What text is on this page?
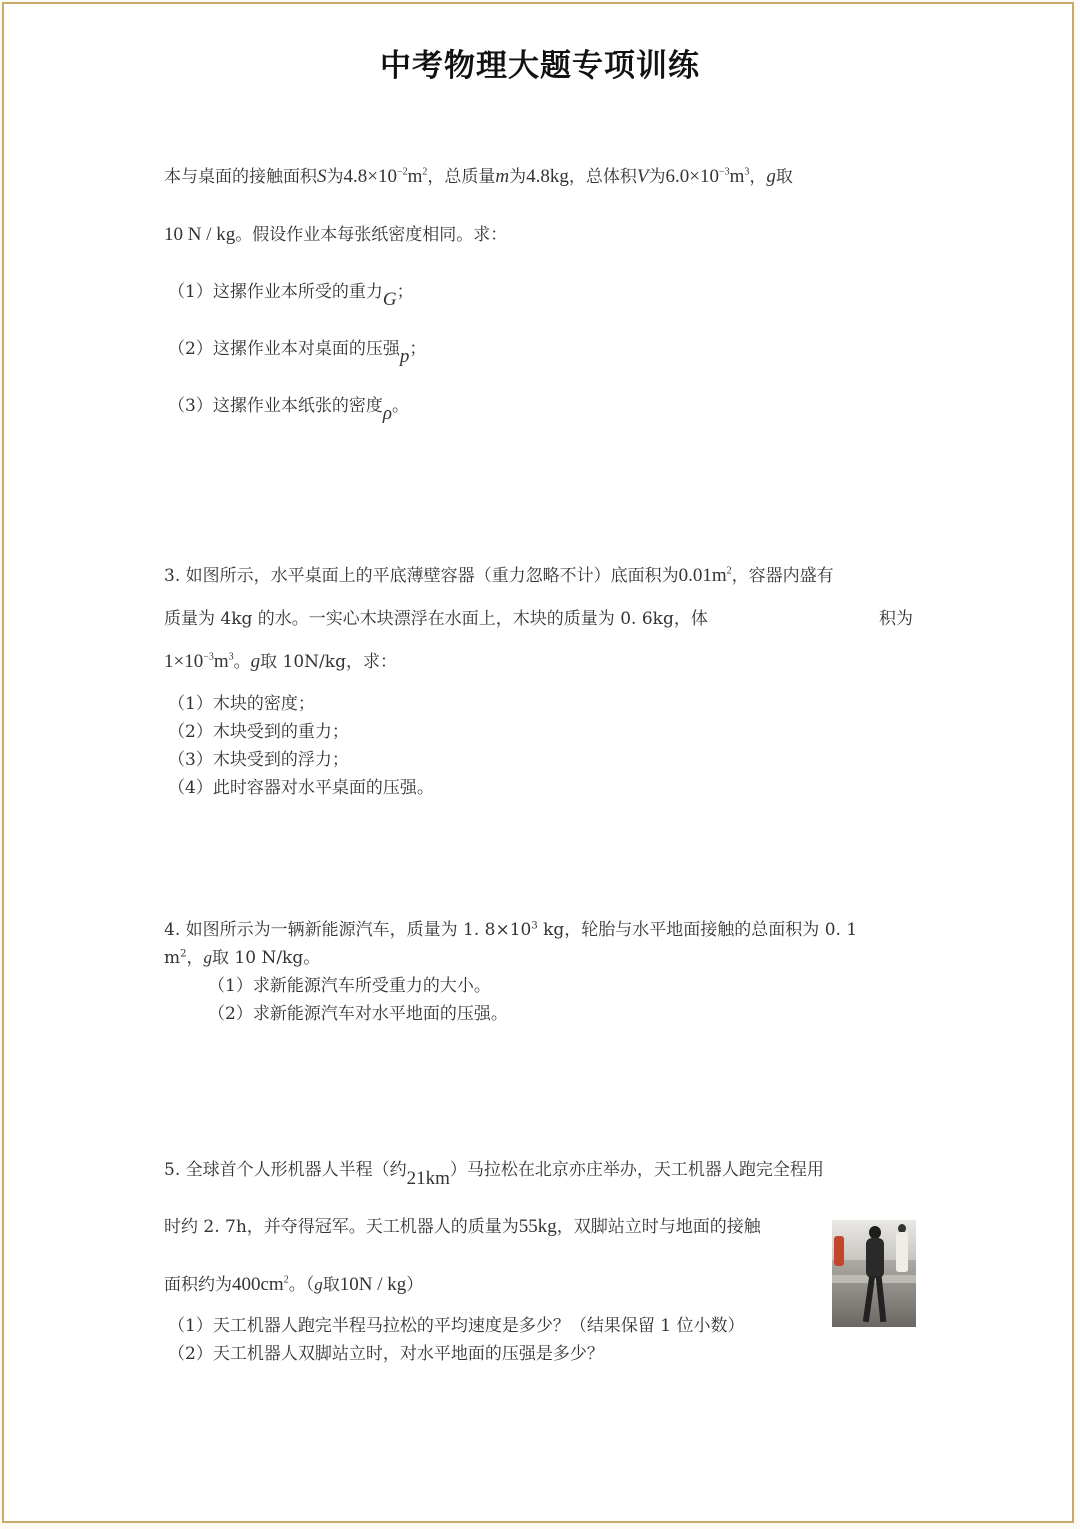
中考物理大题专项训练
本与桌面的接触面积S为$4.8\times 10^{-2}m^2$，总质量m为4.8kg，总体积V为$6.0\times 10^{-3}m^3$，g取
10 N / kg。假设作业本每张纸密度相同。求：
（1）这摞作业本所受的重力G；
（2）这摞作业本对桌面的压强p；
（3）这摞作业本纸张的密度ρ。
3. 如图所示，水平桌面上的平底薄壁容器（重力忽略不计）底面积为$0.01m^2$，容器内盛有
质量为 4kg 的水。一实心木块漂浮在水面上，木块的质量为 0. 6kg，体	积为
$1\times 10^{-3}m^3$。g取 10N/kg，求：
（1）木块的密度；
（2）木块受到的重力；
（3）木块受到的浮力；
（4）此时容器对水平桌面的压强。
4. 如图所示为一辆新能源汽车，质量为 1. $8\times 10^3$ kg，轮胎与水平地面接触的总面积为 0. 1
$m^2$，g取 10 N/kg。
（1）求新能源汽车所受重力的大小。
（2）求新能源汽车对水平地面的压强。
5. 全球首个人形机器人半程（约21km）马拉松在北京亦庄举办，天工机器人跑完全程用
时约 2. 7h，并夺得冠军。天工机器人的质量为55kg，双脚站立时与地面的接触
面积约为$400cm^2$。（g取10N / kg）
（1）天工机器人跑完半程马拉松的平均速度是多少？（结果保留 1 位小数）
（2）天工机器人双脚站立时，对水平地面的压强是多少？
